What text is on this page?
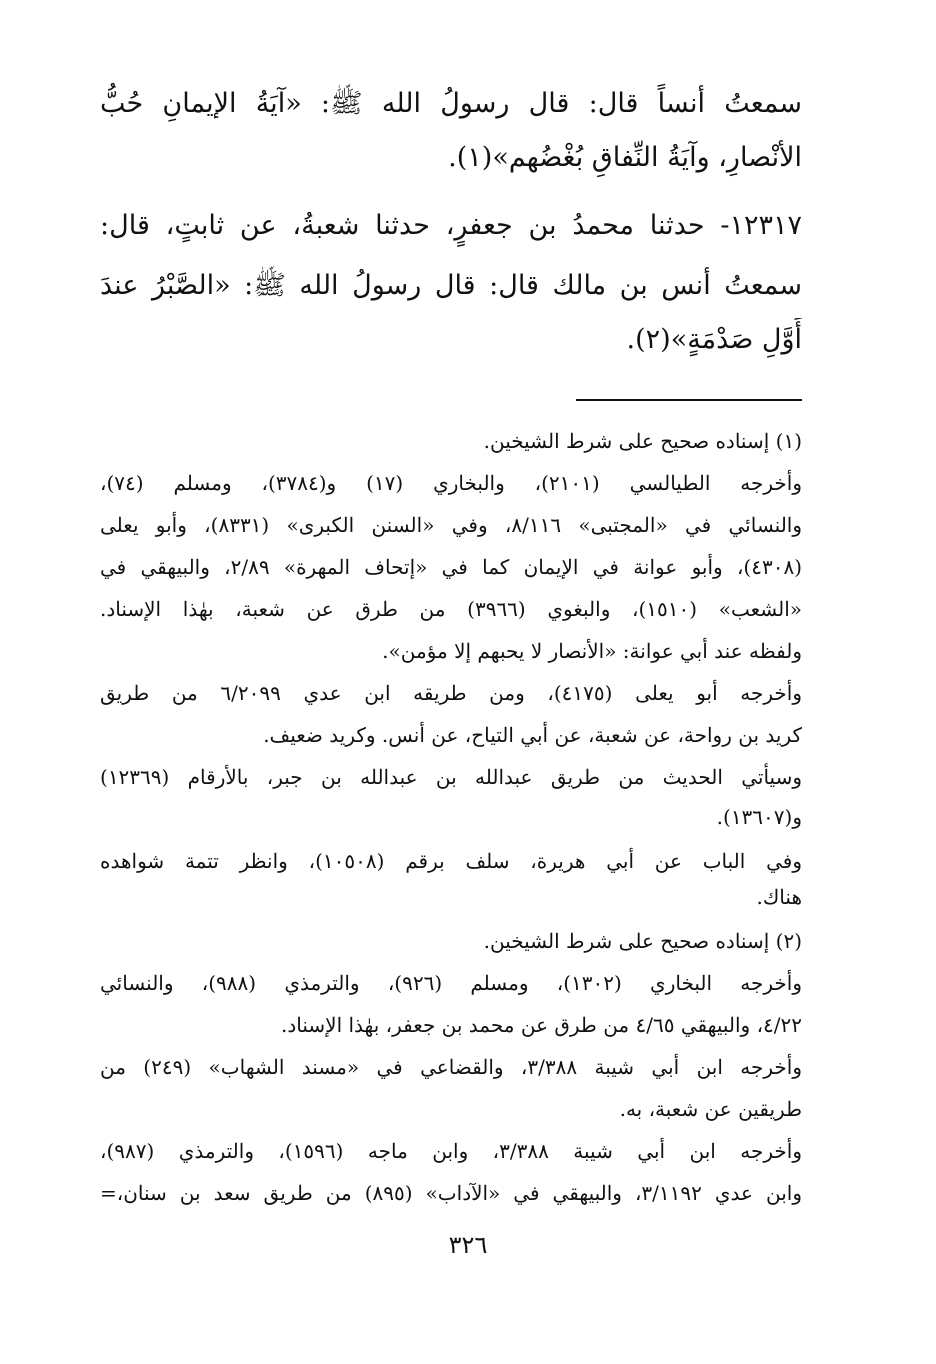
سمعتُ أنساً قال: قال رسولُ الله ﷺ: «آيَةُ الإيمانِ حُبُّ
الأنْصارِ، وآيَةُ النِّفاقِ بُغْضُهم»(١).
١٢٣١٧- حدثنا محمدُ بن جعفرٍ، حدثنا شعبةُ، عن ثابتٍ، قال:
سمعتُ أنس بن مالك قال: قال رسولُ الله ﷺ: «الصَّبْرُ عندَ
أَوَّلِ صَدْمَةٍ»(٢).
(١) إسناده صحيح على شرط الشيخين.
وأخرجه الطيالسي (٢١٠١)، والبخاري (١٧) و(٣٧٨٤)، ومسلم (٧٤)،
والنسائي في «المجتبى» ٨/١١٦، وفي «السنن الكبرى» (٨٣٣١)، وأبو يعلى
(٤٣٠٨)، وأبو عوانة في الإيمان كما في «إتحاف المهرة» ٢/٨٩، والبيهقي في
«الشعب» (١٥١٠)، والبغوي (٣٩٦٦) من طرق عن شعبة، بهٰذا الإسناد.
ولفظه عند أبي عوانة: «الأنصار لا يحبهم إلا مؤمن».
وأخرجه أبو يعلى (٤١٧٥)، ومن طريقه ابن عدي ٦/٢٠٩٩ من طريق
كريد بن رواحة، عن شعبة، عن أبي التياح، عن أنس. وكريد ضعيف.
وسيأتي الحديث من طريق عبدالله بن عبدالله بن جبر، بالأرقام (١٢٣٦٩)
و(١٣٦٠٧).
وفي الباب عن أبي هريرة، سلف برقم (١٠٥٠٨)، وانظر تتمة شواهده
هناك.
(٢) إسناده صحيح على شرط الشيخين.
وأخرجه البخاري (١٣٠٢)، ومسلم (٩٢٦)، والترمذي (٩٨٨)، والنسائي
٤/٢٢، والبيهقي ٤/٦٥ من طرق عن محمد بن جعفر، بهٰذا الإسناد.
وأخرجه ابن أبي شيبة ٣/٣٨٨، والقضاعي في «مسند الشهاب» (٢٤٩) من
طريقين عن شعبة، به.
وأخرجه ابن أبي شيبة ٣/٣٨٨، وابن ماجه (١٥٩٦)، والترمذي (٩٨٧)،
وابن عدي ٣/١١٩٢، والبيهقي في «الآداب» (٨٩٥) من طريق سعد بن سنان،=
٣٢٦
